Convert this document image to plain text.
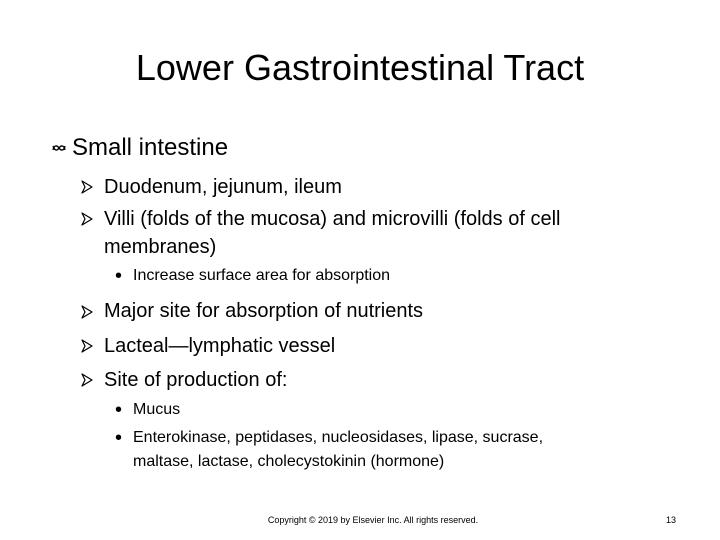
Lower Gastrointestinal Tract
Small intestine
Duodenum, jejunum, ileum
Villi (folds of the mucosa) and microvilli (folds of cell
membranes)
• Increase surface area for absorption
Major site for absorption of nutrients
Lacteal—lymphatic vessel
Site of production of:
• Mucus
• Enterokinase, peptidases, nucleosidases, lipase, sucrase,
maltase, lactase, cholecystokinin (hormone)
Copyright © 2019 by Elsevier Inc. All rights reserved.	13
